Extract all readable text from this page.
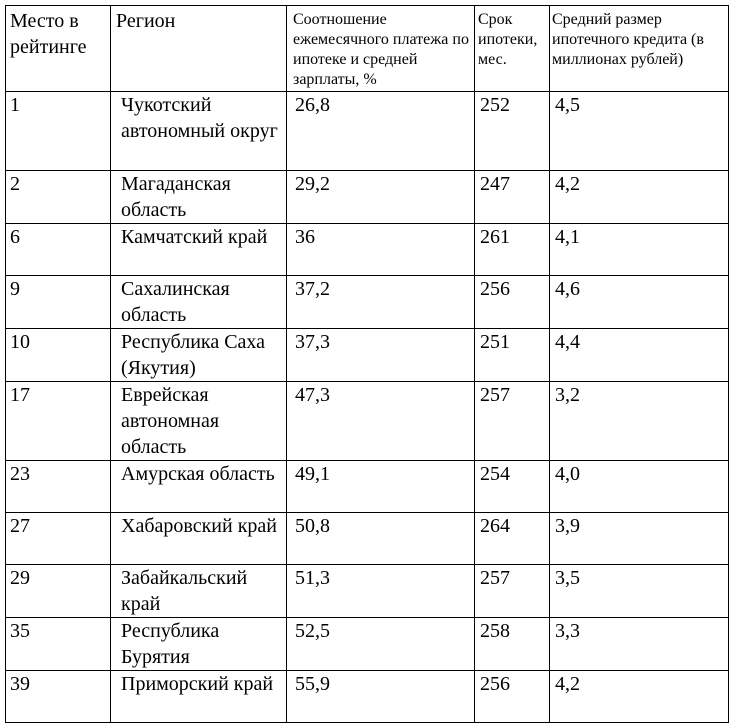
Место в рейтинге	Регион	Соотношение ежемесячного платежа по ипотеке и средней зарплаты, %	Срок ипотеки, мес.	Средний размер ипотечного кредита (в миллионах рублей)
1	Чукотский автономный округ	26,8	252	4,5
2	Магаданская область	29,2	247	4,2
6	Камчатский край	36	261	4,1
9	Сахалинская область	37,2	256	4,6
10	Республика Саха (Якутия)	37,3	251	4,4
17	Еврейская автономная область	47,3	257	3,2
23	Амурская область	49,1	254	4,0
27	Хабаровский край	50,8	264	3,9
29	Забайкальский край	51,3	257	3,5
35	Республика Бурятия	52,5	258	3,3
39	Приморский край	55,9	256	4,2
